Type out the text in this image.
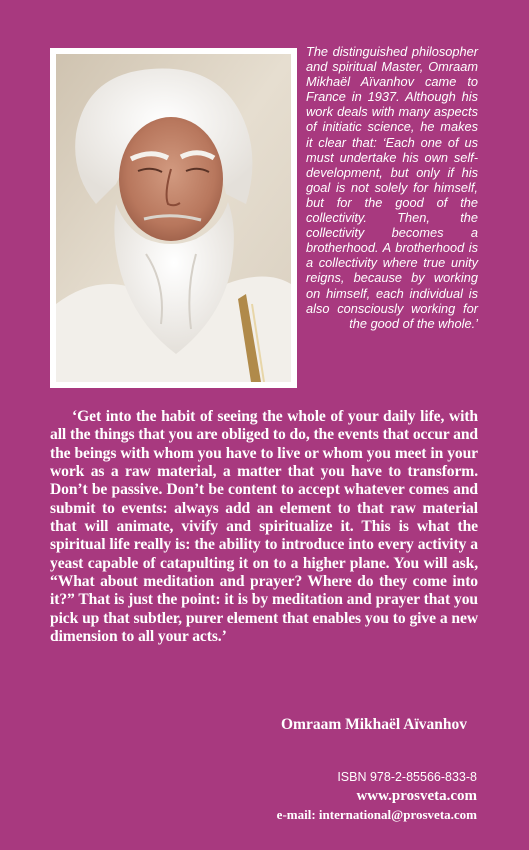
The distinguished philosopher and spiritual Master, Omraam Mikhaël Aïvanhov came to France in 1937. Although his work deals with many aspects of initiatic science, he makes it clear that: ‘Each one of us must undertake his own self-development, but only if his goal is not solely for himself, but for the good of the collectivity. Then, the collectivity becomes a brotherhood. A brotherhood is a collectivity where true unity reigns, because by working on himself, each individual is also consciously working for the good of the whole.’

‘Get into the habit of seeing the whole of your daily life, with all the things that you are obliged to do, the events that occur and the beings with whom you have to live or whom you meet in your work as a raw material, a matter that you have to transform. Don’t be passive. Don’t be content to accept whatever comes and submit to events: always add an element to that raw material that will animate, vivify and spiritualize it. This is what the spiritual life really is: the ability to introduce into every activity a yeast capable of catapulting it on to a higher plane. You will ask, “What about meditation and prayer? Where do they come into it?” That is just the point: it is by meditation and prayer that you pick up that subtler, purer element that enables you to give a new dimension to all your acts.’

Omraam Mikhaël Aïvanhov
ISBN 978-2-85566-833-8
www.prosveta.com
e-mail: international@prosveta.com
